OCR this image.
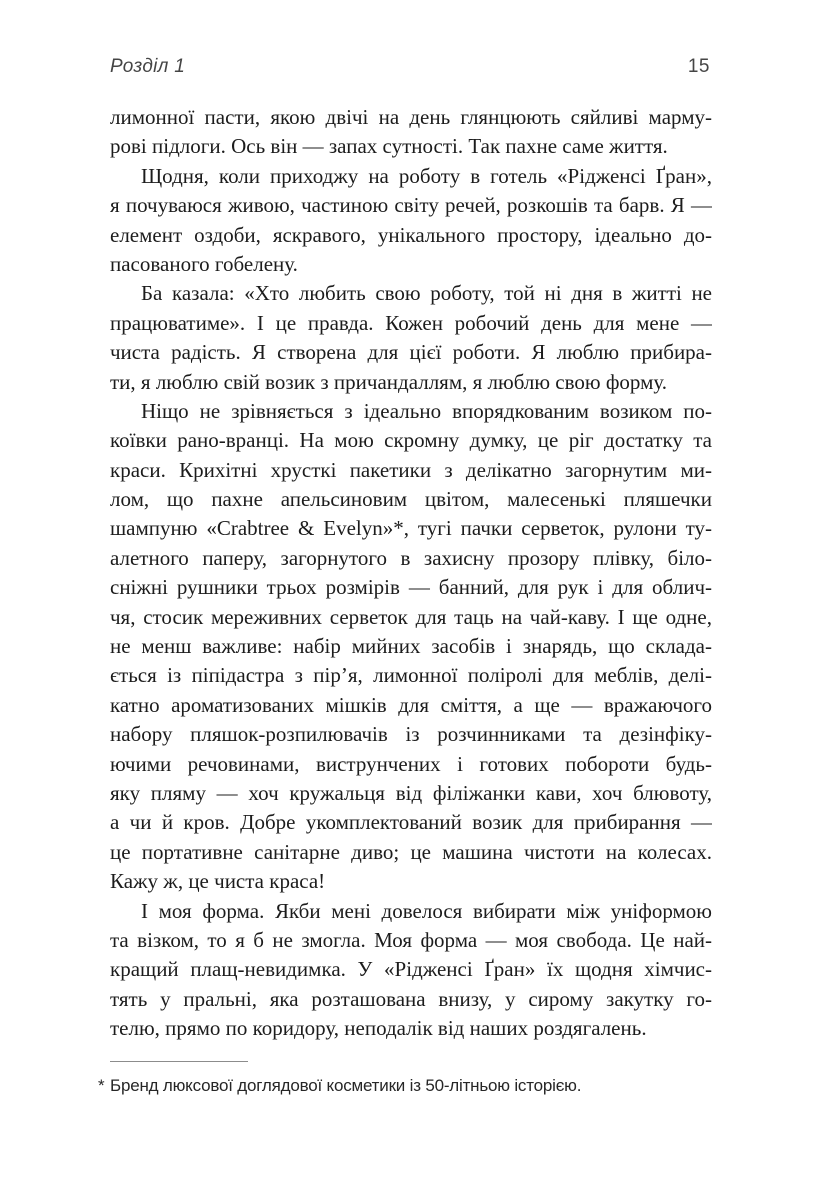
Розділ 1	15
лимонної пасти, якою двічі на день глянцюють сяйливі марму-
рові підлоги. Ось він — запах сутності. Так пахне саме життя.
Щодня, коли приходжу на роботу в готель «Рідженсі Ґран»,
я почуваюся живою, частиною світу речей, розкошів та барв. Я —
елемент оздоби, яскравого, унікального простору, ідеально до-
пасованого гобелену.
Ба казала: «Хто любить свою роботу, той ні дня в житті не
працюватиме». І це правда. Кожен робочий день для мене —
чиста радість. Я створена для цієї роботи. Я люблю прибира-
ти, я люблю свій возик з причандаллям, я люблю свою форму.
Ніщо не зрівняється з ідеально впорядкованим возиком по-
коївки рано-вранці. На мою скромну думку, це ріг достатку та
краси. Крихітні хрусткі пакетики з делікатно загорнутим ми-
лом, що пахне апельсиновим цвітом, малесенькі пляшечки
шампуню «Crabtree & Evelyn»*, тугі пачки серветок, рулони ту-
алетного паперу, загорнутого в захисну прозору плівку, біло-
сніжні рушники трьох розмірів — банний, для рук і для облич-
чя, стосик мереживних серветок для таць на чай-каву. І ще одне,
не менш важливе: набір мийних засобів і знарядь, що склада-
ється із піпідастра з пір’я, лимонної поліролі для меблів, делі-
катно ароматизованих мішків для сміття, а ще — вражаючого
набору пляшок-розпилювачів із розчинниками та дезінфіку-
ючими речовинами, виструнчених і готових побороти будь-
яку пляму — хоч кружальця від філіжанки кави, хоч блювоту,
а чи й кров. Добре укомплектований возик для прибирання —
це портативне санітарне диво; це машина чистоти на колесах.
Кажу ж, це чиста краса!
І моя форма. Якби мені довелося вибирати між уніформою
та візком, то я б не змогла. Моя форма — моя свобода. Це най-
кращий плащ-невидимка. У «Рідженсі Ґран» їх щодня хімчис-
тять у пральні, яка розташована внизу, у сирому закутку го-
телю, прямо по коридору, неподалік від наших роздягалень.
* Бренд люксової доглядової косметики із 50-літньою історією.
